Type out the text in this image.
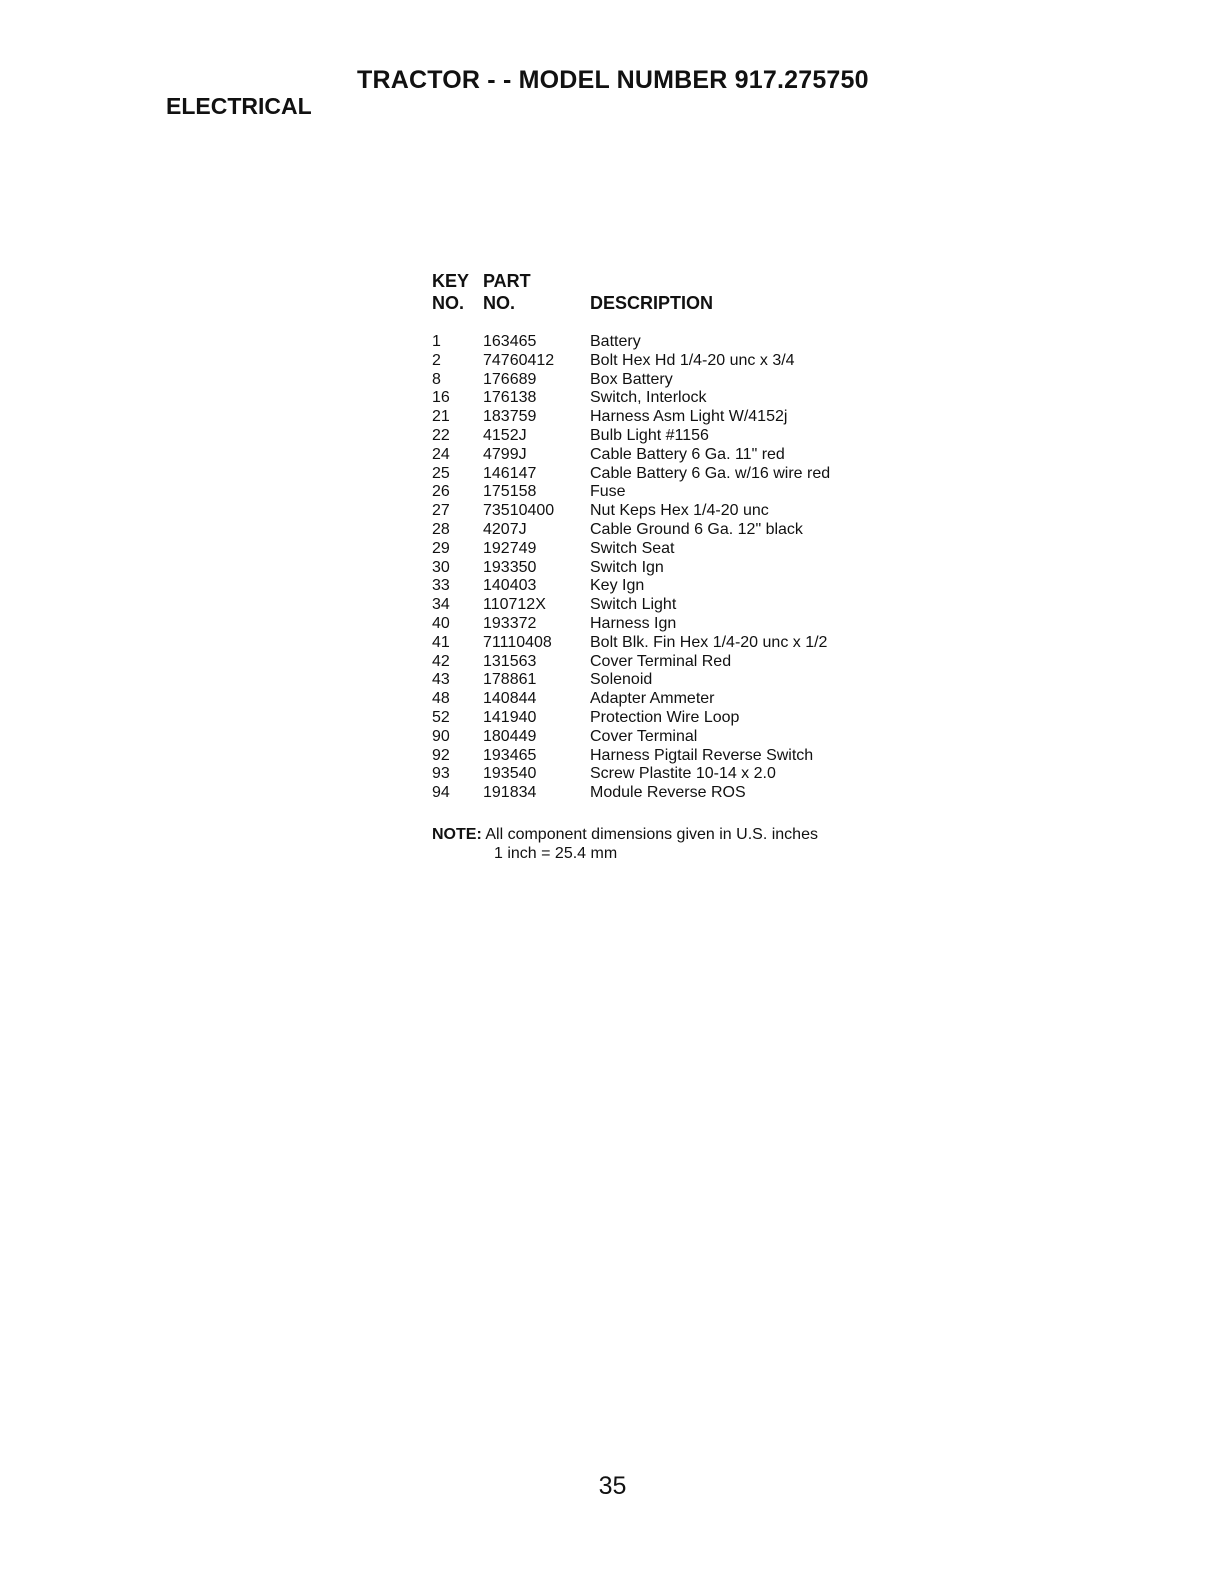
TRACTOR - - MODEL NUMBER 917.275750
ELECTRICAL
KEY
NO.
PART
NO.	DESCRIPTION
1	163465	Battery
2	74760412 Bolt Hex Hd 1/4-20 unc x 3/4
8	176689	Box Battery
16 176138	Switch, Interlock
21 183759	Harness Asm Light W/4152j
22 4152J	Bulb Light #1156
24 4799J	Cable Battery 6 Ga. 11" red
25 146147	Cable Battery 6 Ga. w/16 wire red
26 175158	Fuse
27 73510400 Nut Keps Hex 1/4-20 unc
28 4207J	Cable Ground 6 Ga. 12" black
29 192749	Switch Seat
30 193350	Switch Ign
33 140403	Key Ign
34 110712X	Switch Light
40 193372	Harness Ign
41 71110408 Bolt Blk. Fin Hex 1/4-20 unc x 1/2
42 131563	Cover Terminal Red
43 178861	Solenoid
48 140844	Adapter Ammeter
52 141940	Protection Wire Loop
90 180449	Cover Terminal
92 193465	Harness Pigtail Reverse Switch
93 193540	Screw Plastite 10-14 x 2.0
94 191834	Module Reverse ROS
NOTE: All component dimensions given in U.S. inches
1 inch = 25.4 mm
35
